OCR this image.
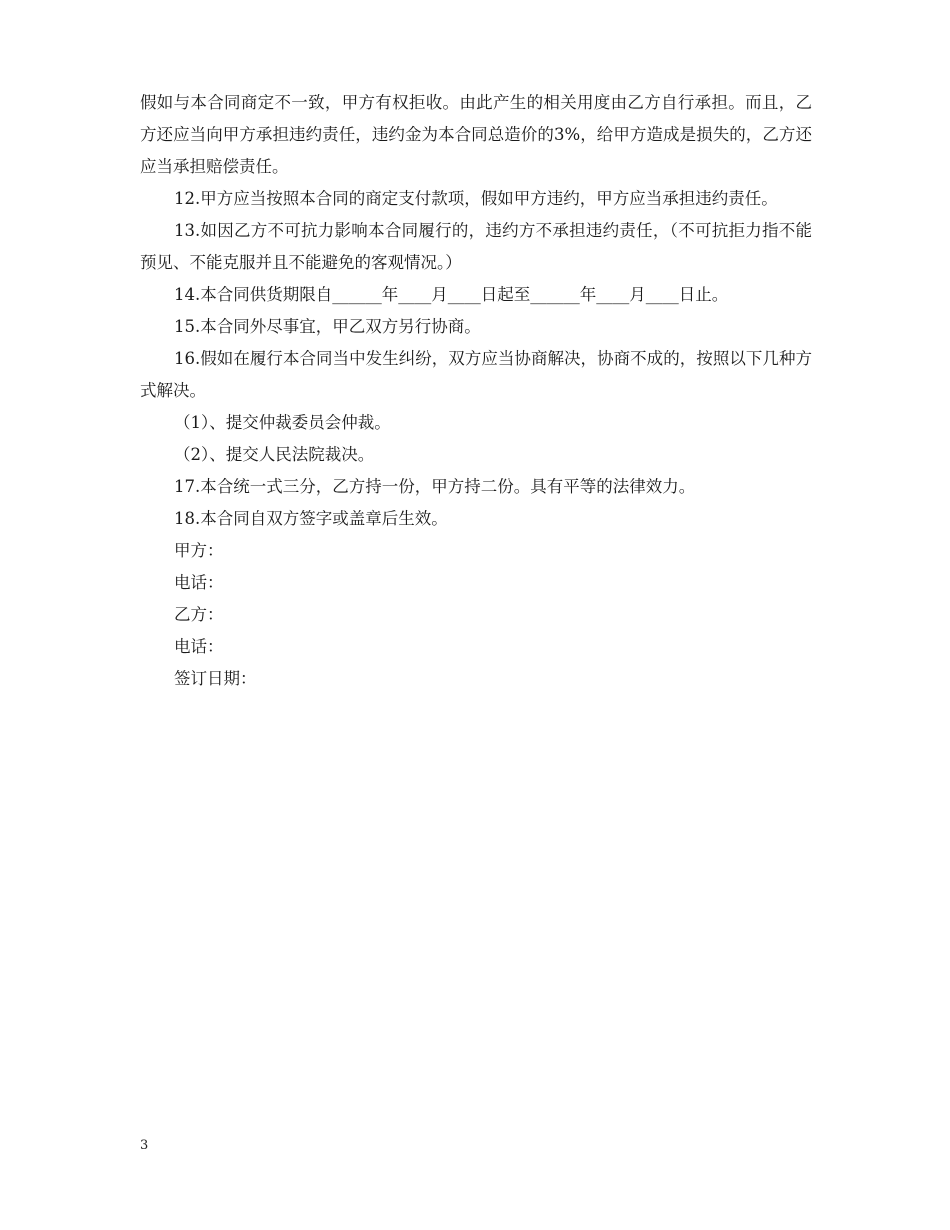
假如与本合同商定不一致，甲方有权拒收。由此产生的相关用度由乙方自行承担。而且，乙方还应当向甲方承担违约责任，违约金为本合同总造价的3%，给甲方造成是损失的，乙方还应当承担赔偿责任。

12.甲方应当按照本合同的商定支付款项，假如甲方违约，甲方应当承担违约责任。

13.如因乙方不可抗力影响本合同履行的，违约方不承担违约责任，（不可抗拒力指不能预见、不能克服并且不能避免的客观情况。）

14.本合同供货期限自______年____月____日起至______年____月____日止。

15.本合同外尽事宜，甲乙双方另行协商。

16.假如在履行本合同当中发生纠纷，双方应当协商解决，协商不成的，按照以下几种方式解决。

（1）、提交仲裁委员会仲裁。

（2）、提交人民法院裁决。

17.本合统一式三分，乙方持一份，甲方持二份。具有平等的法律效力。

18.本合同自双方签字或盖章后生效。

甲方：

电话：

乙方：

电话：

签订日期：

3
